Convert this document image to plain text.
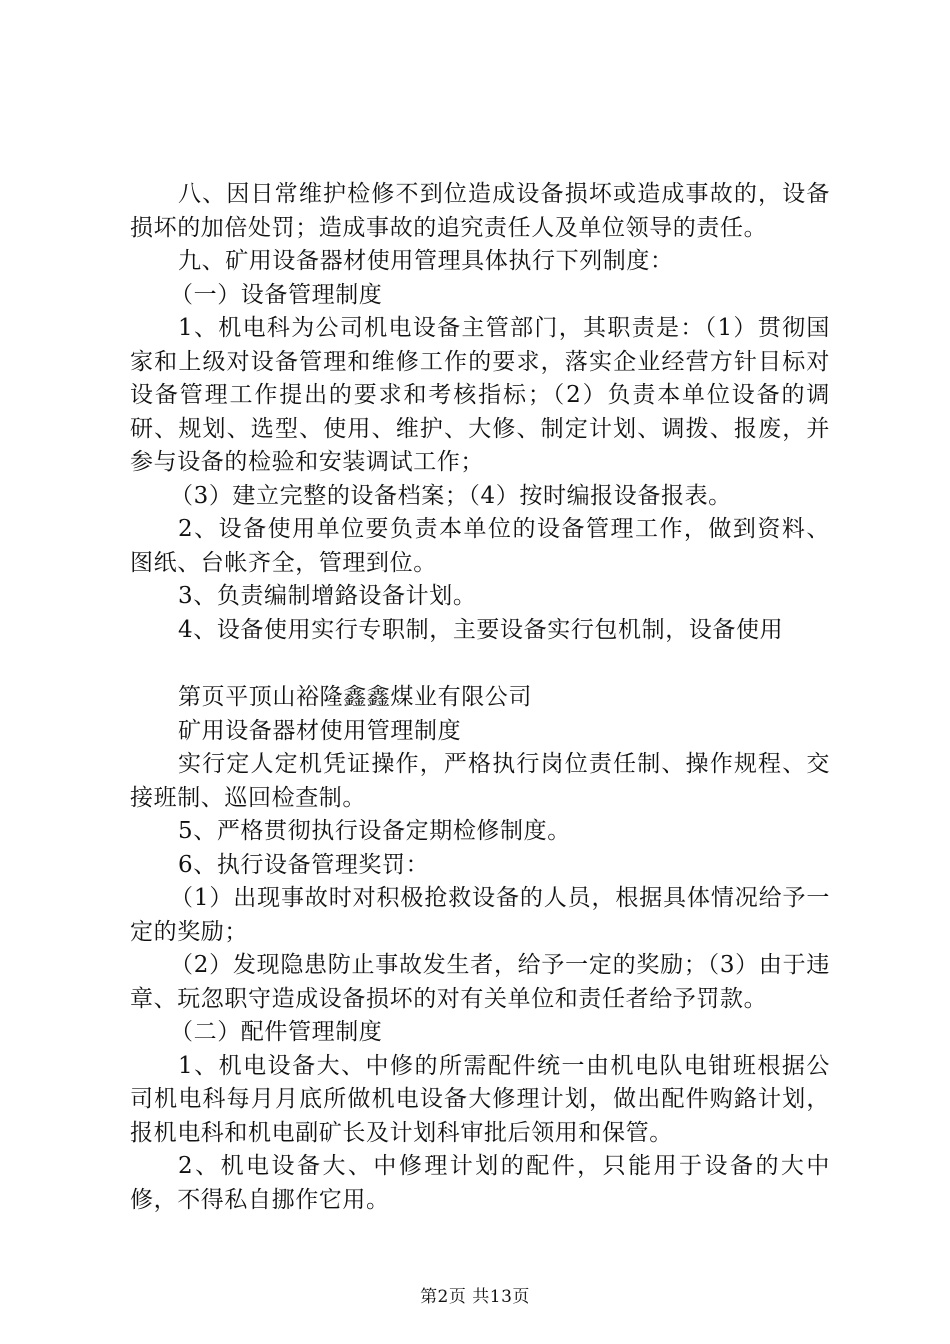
八、因日常维护检修不到位造成设备损坏或造成事故的，设备损坏的加倍处罚；造成事故的追究责任人及单位领导的责任。

九、矿用设备器材使用管理具体执行下列制度：

（一）设备管理制度

1、机电科为公司机电设备主管部门，其职责是：（1）贯彻国家和上级对设备管理和维修工作的要求，落实企业经营方针目标对设备管理工作提出的要求和考核指标；（2）负责本单位设备的调研、规划、选型、使用、维护、大修、制定计划、调拨、报废，并参与设备的检验和安装调试工作；

（3）建立完整的设备档案；（4）按时编报设备报表。

2、设备使用单位要负责本单位的设备管理工作，做到资料、图纸、台帐齐全，管理到位。

3、负责编制增鉻设备计划。

4、设备使用实行专职制，主要设备实行包机制，设备使用

第页平顶山裕隆鑫鑫煤业有限公司

矿用设备器材使用管理制度

实行定人定机凭证操作，严格执行岗位责任制、操作规程、交接班制、巡回检查制。

5、严格贯彻执行设备定期检修制度。

6、执行设备管理奖罚：

（1）出现事故时对积极抢救设备的人员，根据具体情况给予一定的奖励；

（2）发现隐患防止事故发生者，给予一定的奖励；（3）由于违章、玩忽职守造成设备损坏的对有关单位和责任者给予罚款。

（二）配件管理制度

1、机电设备大、中修的所需配件统一由机电队电钳班根据公司机电科每月月底所做机电设备大修理计划，做出配件购鉻计划，报机电科和机电副矿长及计划科审批后领用和保管。

2、机电设备大、中修理计划的配件，只能用于设备的大中修，不得私自挪作它用。

第2页 共13页
